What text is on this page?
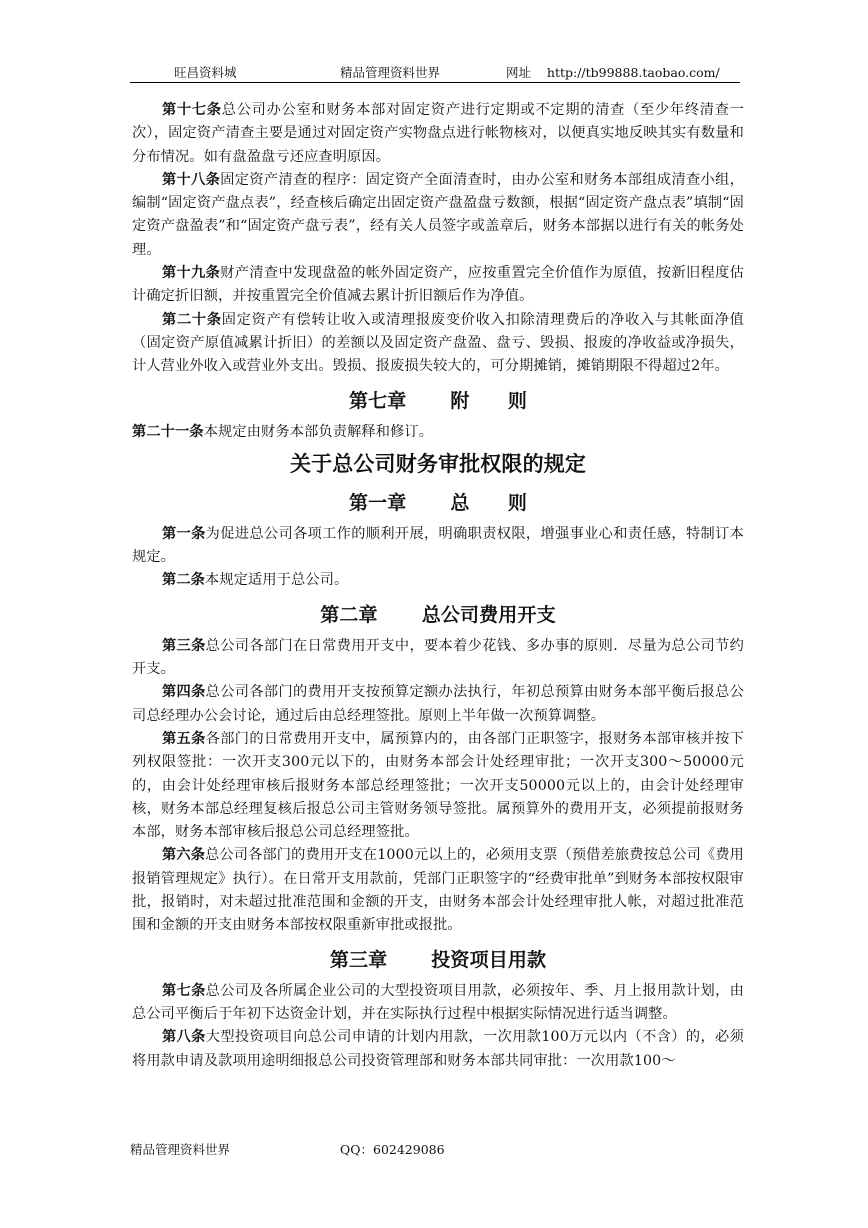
旺昌资料城	精品管理资料世界	网址    http://tb99888.taobao.com/

第十七条总公司办公室和财务本部对固定资产进行定期或不定期的清查（至少年终清查一次），固定资产清查主要是通过对固定资产实物盘点进行帐物核对，以便真实地反映其实有数量和分布情况。如有盘盈盘亏还应查明原因。

第十八条固定资产清查的程序：固定资产全面清查时，由办公室和财务本部组成清查小组，编制“固定资产盘点表”，经查核后确定出固定资产盘盈盘亏数额，根据“固定资产盘点表”填制“固定资产盘盈表”和“固定资产盘亏表”，经有关人员签字或盖章后，财务本部据以进行有关的帐务处理。

第十九条财产清查中发现盘盈的帐外固定资产，应按重置完全价值作为原值，按新旧程度估计确定折旧额，并按重置完全价值减去累计折旧额后作为净值。

第二十条固定资产有偿转让收入或清理报废变价收入扣除清理费后的净收入与其帐面净值（固定资产原值减累计折旧）的差额以及固定资产盘盈、盘亏、毁损、报废的净收益或净损失，计人营业外收入或营业外支出。毁损、报废损失较大的，可分期摊销，摊销期限不得超过2年。

第七章 附　　则

第二十一条本规定由财务本部负责解释和修订。

关于总公司财务审批权限的规定
第一章 总　　则

第一条为促进总公司各项工作的顺利开展，明确职责权限，增强事业心和责任感，特制订本规定。

第二条本规定适用于总公司。

第二章 总公司费用开支

第三条总公司各部门在日常费用开支中，要本着少花钱、多办事的原则．尽量为总公司节约开支。

第四条总公司各部门的费用开支按预算定额办法执行，年初总预算由财务本部平衡后报总公司总经理办公会讨论，通过后由总经理签批。原则上半年做一次预算调整。

第五条各部门的日常费用开支中，属预算内的，由各部门正职签字，报财务本部审核并按下列权限签批：一次开支300元以下的，由财务本部会计处经理审批；一次开支300～50000元的，由会计处经理审核后报财务本部总经理签批；一次开支50000元以上的，由会计处经理审核，财务本部总经理复核后报总公司主管财务领导签批。属预算外的费用开支，必须提前报财务本部，财务本部审核后报总公司总经理签批。

第六条总公司各部门的费用开支在1000元以上的，必须用支票（预借差旅费按总公司《费用报销管理规定》执行）。在日常开支用款前，凭部门正职签字的“经费审批单”到财务本部按权限审批，报销时，对未超过批准范围和金额的开支，由财务本部会计处经理审批人帐，对超过批准范围和金额的开支由财务本部按权限重新审批或报批。

第三章 投资项目用款

第七条总公司及各所属企业公司的大型投资项目用款，必须按年、季、月上报用款计划，由总公司平衡后于年初下达资金计划，并在实际执行过程中根据实际情况进行适当调整。

第八条大型投资项目向总公司申请的计划内用款，一次用款100万元以内（不含）的，必须将用款申请及款项用途明细报总公司投资管理部和财务本部共同审批：一次用款100～

精品管理资料世界	QQ：602429086
